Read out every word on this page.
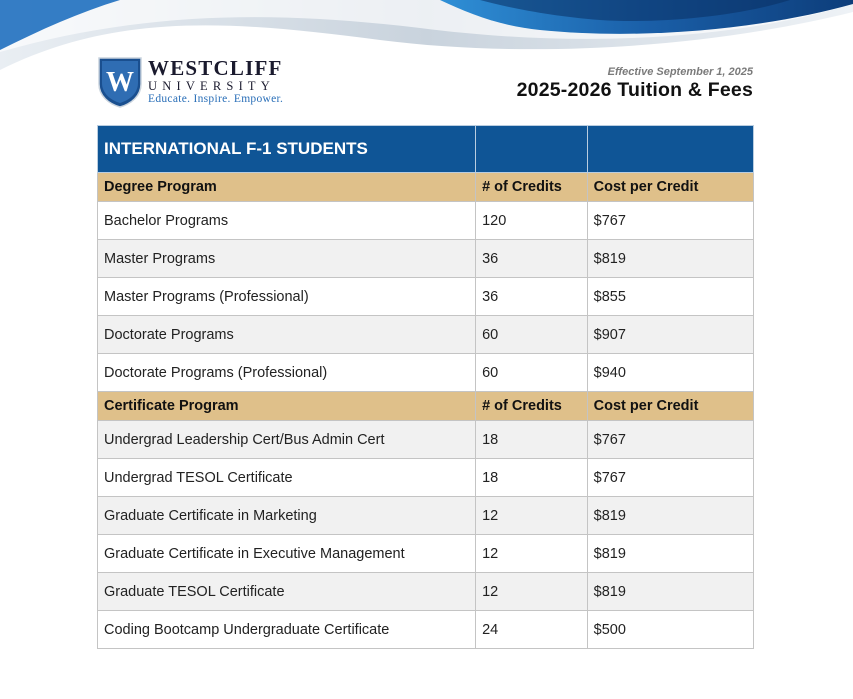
W WESTCLIFF
UNIVERSITY
Educate. Inspire. Empower.
Effective September 1, 2025
2025-2026 Tuition & Fees
INTERNATIONAL F-1 STUDENTS		
Degree Program	# of Credits	Cost per Credit
Bachelor Programs	120	$767
Master Programs	36	$819
Master Programs (Professional)	36	$855
Doctorate Programs	60	$907
Doctorate Programs (Professional)	60	$940
Certificate Program	# of Credits	Cost per Credit
Undergrad Leadership Cert/Bus Admin Cert	18	$767
Undergrad TESOL Certificate	18	$767
Graduate Certificate in Marketing	12	$819
Graduate Certificate in Executive Management	12	$819
Graduate TESOL Certificate	12	$819
Coding Bootcamp Undergraduate Certificate	24	$500
